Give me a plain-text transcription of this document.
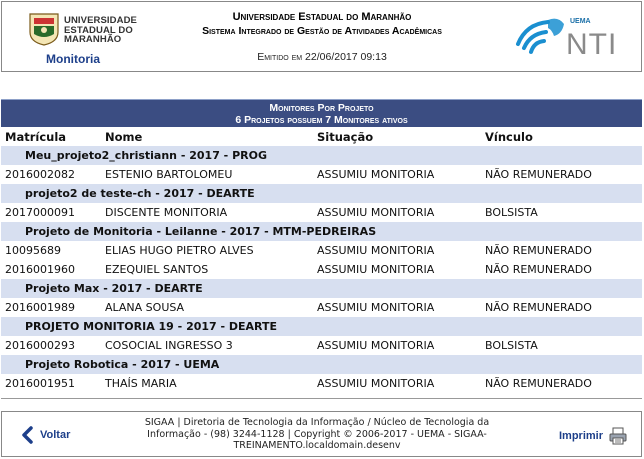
UNIVERSIDADE
ESTADUAL DO
MARANHÃO
Monitoria
Universidade Estadual do Maranhão
Sistema Integrado de Gestão de Atividades Acadêmicas
Emitido em 22/06/2017 09:13
UEMA
NTI
Monitores Por Projeto
6 Projetos possuem 7 Monitores ativos
Matrícula	Nome	Situação	Vínculo
Meu_projeto2_christiann - 2017 - PROG			
2016002082	ESTENIO BARTOLOMEU	ASSUMIU MONITORIA	NÃO REMUNERADO
projeto2 de teste-ch - 2017 - DEARTE			
2017000091	DISCENTE MONITORIA	ASSUMIU MONITORIA	BOLSISTA
Projeto de Monitoria - Leilanne - 2017 - MTM-PEDREIRAS			
10095689	ELIAS HUGO PIETRO ALVES	ASSUMIU MONITORIA	NÃO REMUNERADO
2016001960	EZEQUIEL SANTOS	ASSUMIU MONITORIA	NÃO REMUNERADO
Projeto Max - 2017 - DEARTE			
2016001989	ALANA SOUSA	ASSUMIU MONITORIA	NÃO REMUNERADO
PROJETO MONITORIA 19 - 2017 - DEARTE			
2016000293	COSOCIAL INGRESSO 3	ASSUMIU MONITORIA	BOLSISTA
Projeto Robotica - 2017 - UEMA			
2016001951	THAÍS MARIA	ASSUMIU MONITORIA	NÃO REMUNERADO
Voltar
SIGAA | Diretoria de Tecnologia da Informação / Núcleo de Tecnologia da
Informação - (98) 3244-1128 | Copyright © 2006-2017 - UEMA - SIGAA-
TREINAMENTO.localdomain.desenv
Imprimir
